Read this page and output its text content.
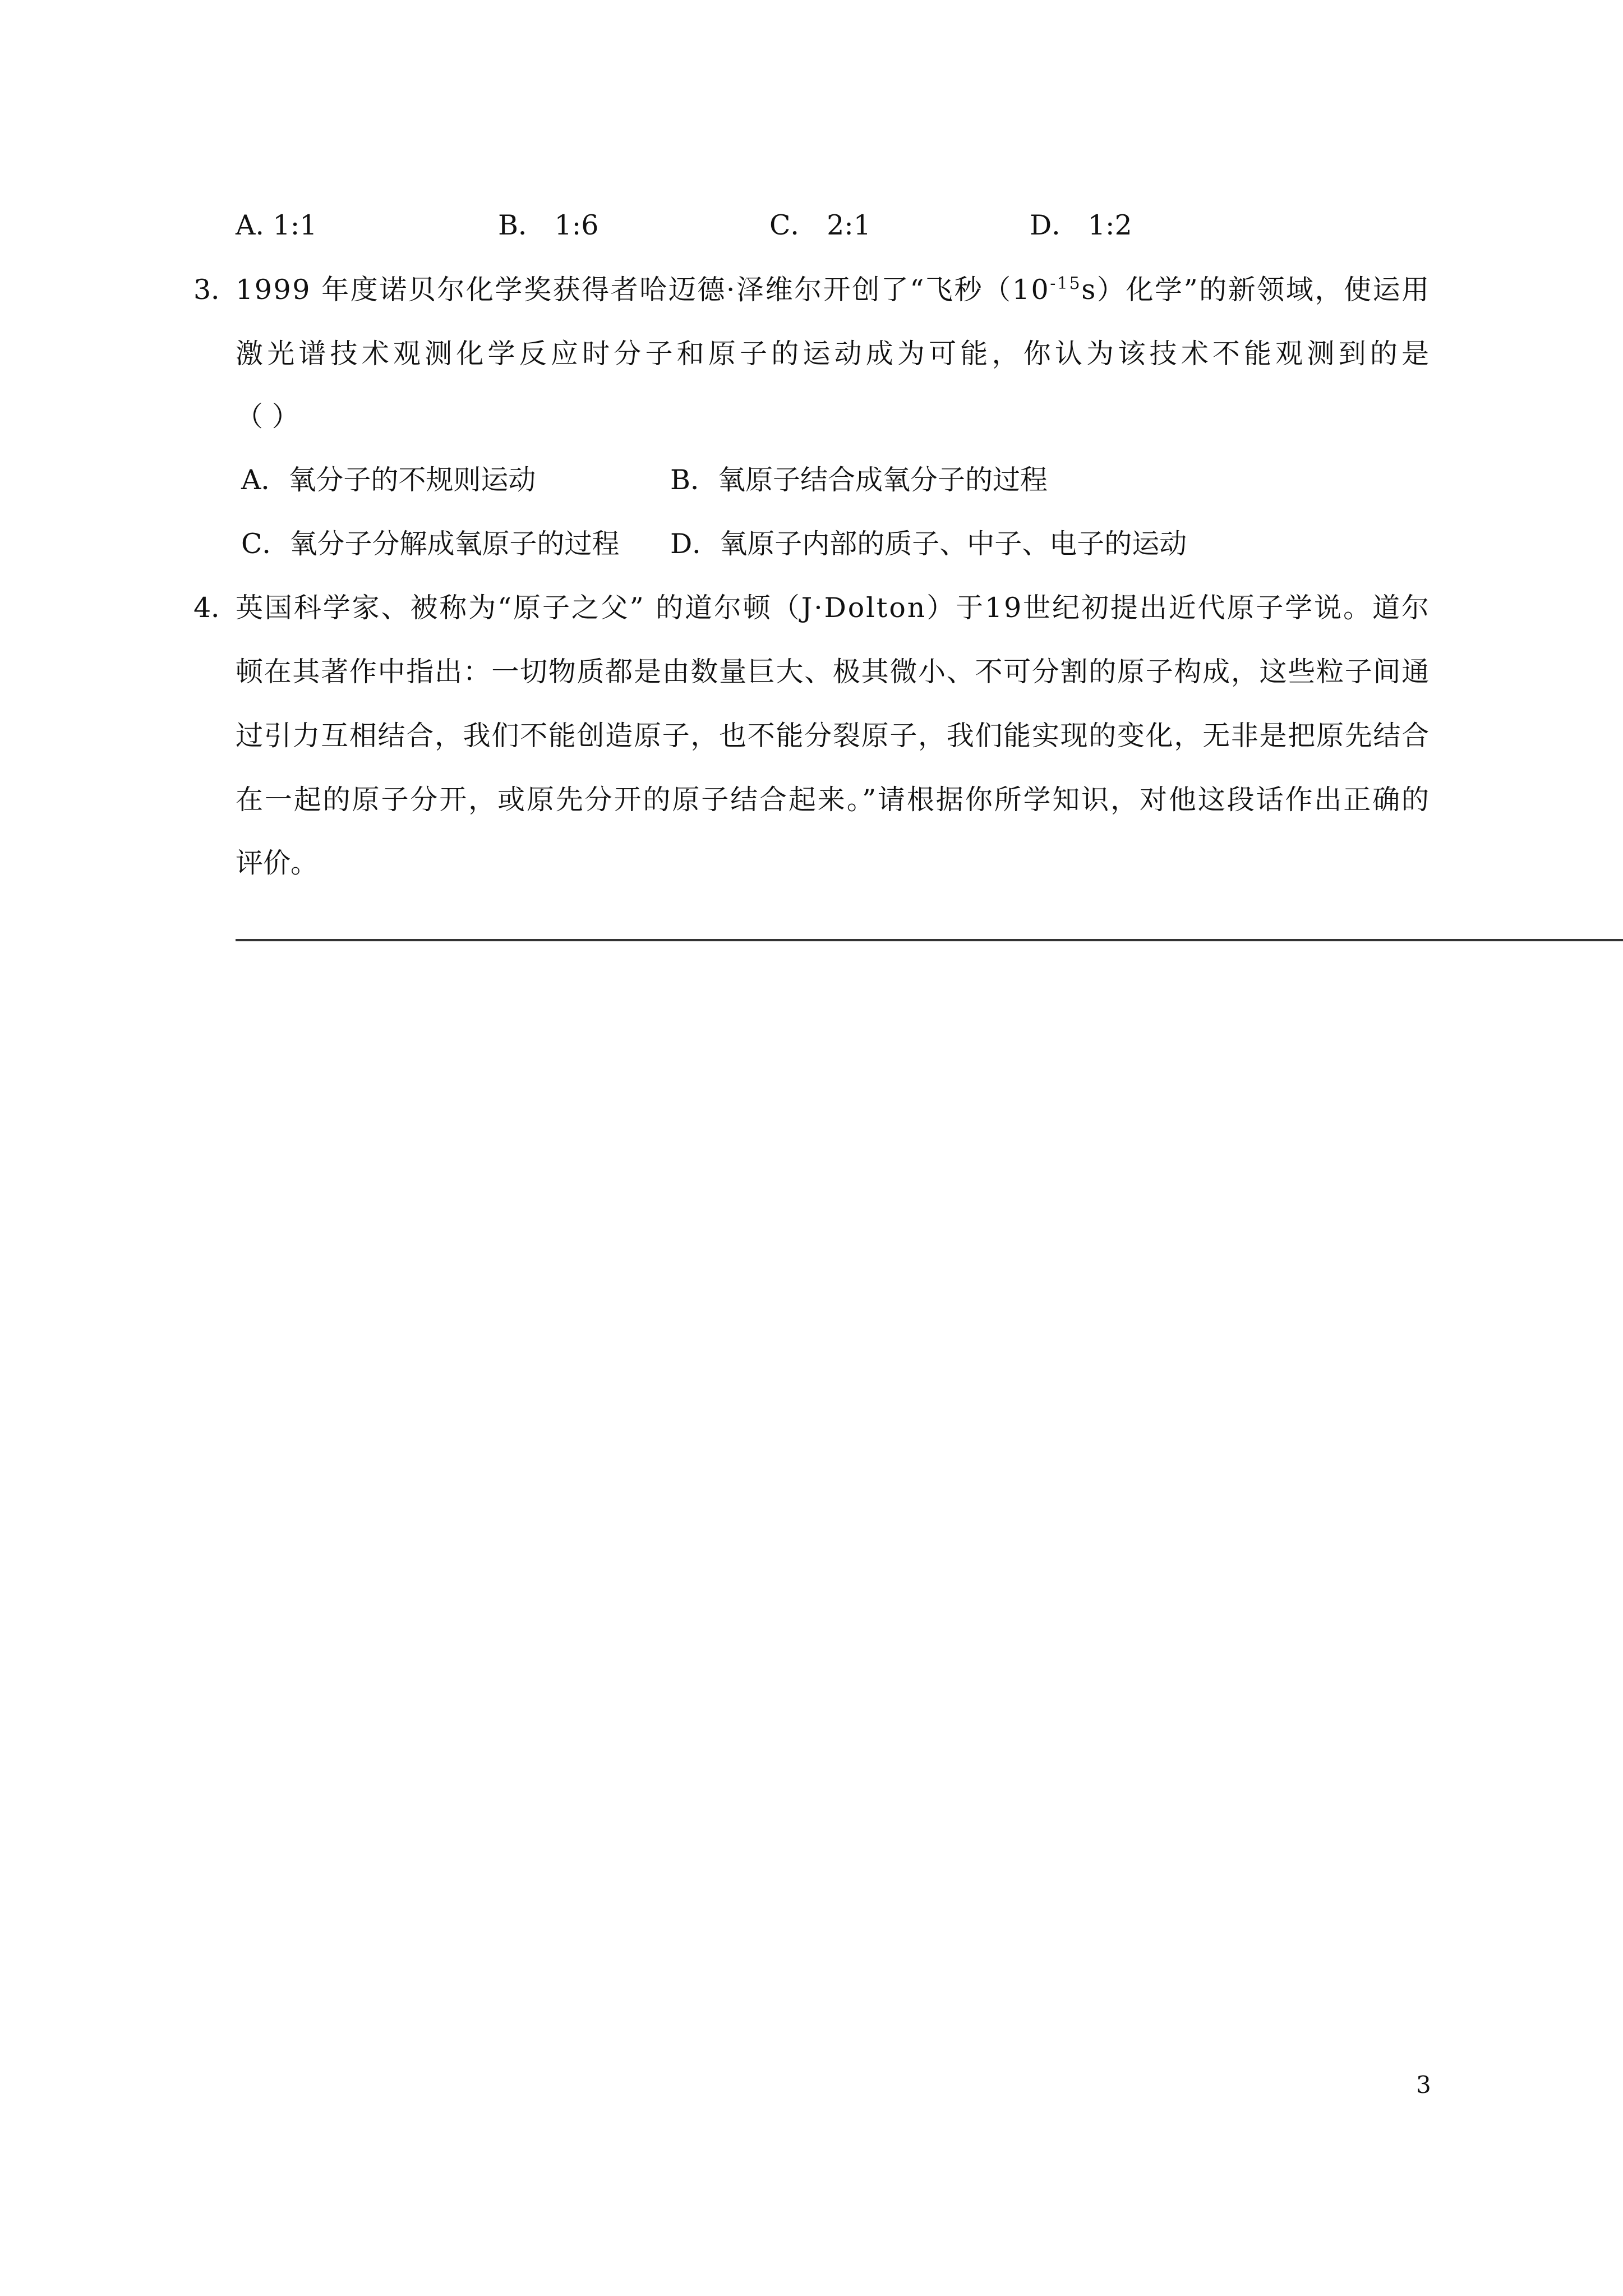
A. 1:1	B． 1:6	C． 2:1	D． 1:2
3．

1999 年度诺贝尔化学奖获得者哈迈德·泽维尔开创了“飞秒$(10^{-15}s)$化学”的新领域，使运用

激光谱技术观测化学反应时分子和原子的运动成为可能，你认为该技术不能观测到的是

（ ）

A．氧分子的不规则运动	B．氧原子结合成氧分子的过程
C．氧分子分解成氧原子的过程 D．氧原子内部的质子、中子、电子的运动
4．

英国科学家、被称为“原子之父” 的道尔顿（J·Dolton）于19世纪初提出近代原子学说。道尔

顿在其著作中指出：一切物质都是由数量巨大、极其微小、不可分割的原子构成，这些粒子间通

过引力互相结合，我们不能创造原子，也不能分裂原子，我们能实现的变化，无非是把原先结合

在一起的原子分开，或原先分开的原子结合起来。”请根据你所学知识，对他这段话作出正确的

评价。

3
